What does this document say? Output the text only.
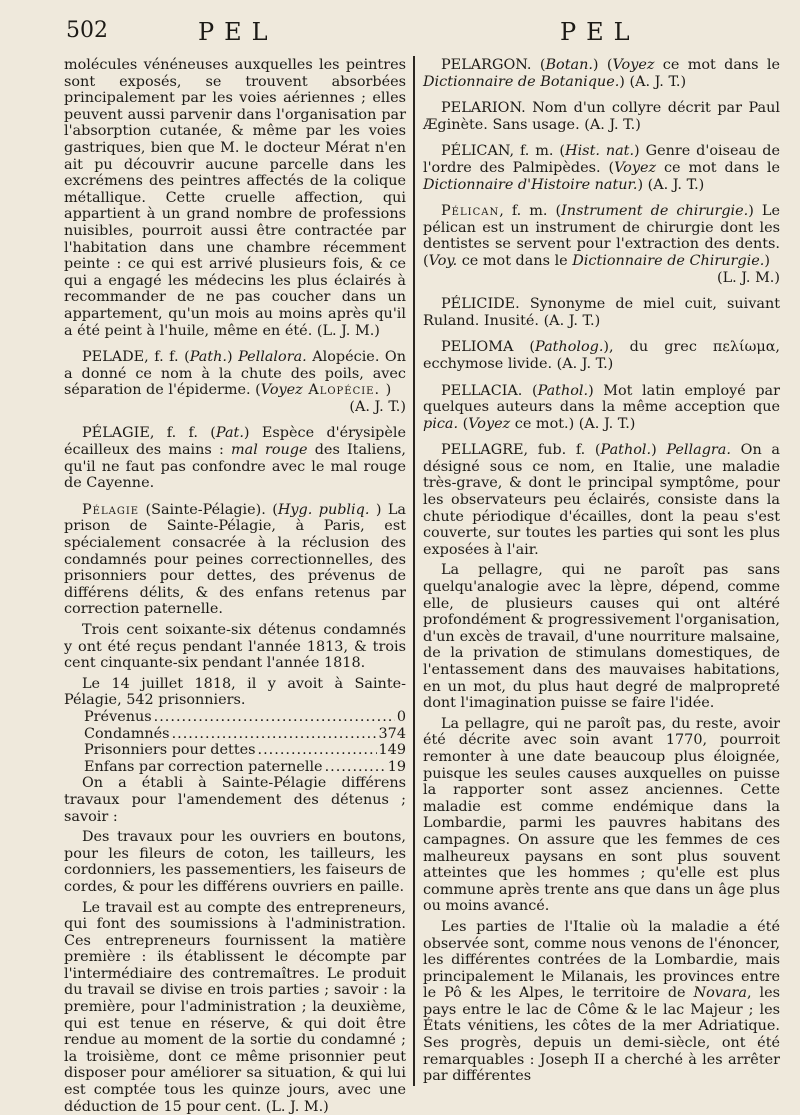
502	PEL	PEL

molécules vénéneuses auxquelles les peintres sont exposés, se trouvent absorbées principalement par les voies aériennes ; elles peuvent aussi parvenir dans l'organisation par l'absorption cutanée, & même par les voies gastriques, bien que M. le docteur Mérat n'en ait pu découvrir aucune parcelle dans les excrémens des peintres affectés de la colique métallique. Cette cruelle affection, qui appartient à un grand nombre de professions nuisibles, pourroit aussi être contractée par l'habitation dans une chambre récemment peinte : ce qui est arrivé plusieurs fois, & ce qui a engagé les médecins les plus éclairés à recommander de ne pas coucher dans un appartement, qu'un mois au moins après qu'il a été peint à l'huile, même en été. (L. J. M.)

PELADE, f. f. (Path.) Pellalora. Alopécie. On a donné ce nom à la chute des poils, avec séparation de l'épiderme. (Voyez Alopécie. )

(A. J. T.)

PÉLAGIE, f. f. (Pat.) Espèce d'érysipèle écailleux des mains : mal rouge des Italiens, qu'il ne faut pas confondre avec le mal rouge de Cayenne.

Pélagie (Sainte-Pélagie). (Hyg. publiq. ) La prison de Sainte-Pélagie, à Paris, est spécialement consacrée à la réclusion des condamnés pour peines correctionnelles, des prisonniers pour dettes, des prévenus de différens délits, & des enfans retenus par correction paternelle.

Trois cent soixante-six détenus condamnés y ont été reçus pendant l'année 1813, & trois cent cinquante-six pendant l'année 1818.

Le 14 juillet 1818, il y avoit à Sainte-Pélagie, 542 prisonniers.

Prévenus .....	0
Condamnés .....	374
Prisonniers pour dettes .....	149
Enfans par correction paternelle .....	19

On a établi à Sainte-Pélagie différens travaux pour l'amendement des détenus ; savoir :

Des travaux pour les ouvriers en boutons, pour les fileurs de coton, les tailleurs, les cordonniers, les passementiers, les faiseurs de cordes, & pour les différens ouvriers en paille.

Le travail est au compte des entrepreneurs, qui font des soumissions à l'administration. Ces entrepreneurs fournissent la matière première : ils établissent le décompte par l'intermédiaire des contremaîtres. Le produit du travail se divise en trois parties ; savoir : la première, pour l'administration ; la deuxième, qui est tenue en réserve, & qui doit être rendue au moment de la sortie du condamné ; la troisième, dont ce même prisonnier peut disposer pour améliorer sa situation, & qui lui est comptée tous les quinze jours, avec une déduction de 15 pour cent. (L. J. M.)

PELARGON. (Botan.) (Voyez ce mot dans le Dictionnaire de Botanique.) (A. J. T.)

PELARION. Nom d'un collyre décrit par Paul Æginète. Sans usage. (A. J. T.)

PÉLICAN, f. m. (Hist. nat.) Genre d'oiseau de l'ordre des Palmipèdes. (Voyez ce mot dans le Dictionnaire d'Histoire natur.) (A. J. T.)

Pélican, f. m. (Instrument de chirurgie.) Le pélican est un instrument de chirurgie dont les dentistes se servent pour l'extraction des dents. (Voy. ce mot dans le Dictionnaire de Chirurgie.)

(L. J. M.)

PÉLICIDE. Synonyme de miel cuit, suivant Ruland. Inusité. (A. J. T.)

PELIOMA (Patholog.), du grec πελίωμα, ecchymose livide. (A. J. T.)

PELLACIA. (Pathol.) Mot latin employé par quelques auteurs dans la même acception que pica. (Voyez ce mot.) (A. J. T.)

PELLAGRE, fub. f. (Pathol.) Pellagra. On a désigné sous ce nom, en Italie, une maladie très-grave, & dont le principal symptôme, pour les observateurs peu éclairés, consiste dans la chute périodique d'écailles, dont la peau s'est couverte, sur toutes les parties qui sont les plus exposées à l'air.

La pellagre, qui ne paroît pas sans quelqu'analogie avec la lèpre, dépend, comme elle, de plusieurs causes qui ont altéré profondément & progressivement l'organisation, d'un excès de travail, d'une nourriture malsaine, de la privation de stimulans domestiques, de l'entassement dans des mauvaises habitations, en un mot, du plus haut degré de malpropreté dont l'imagination puisse se faire l'idée.

La pellagre, qui ne paroît pas, du reste, avoir été décrite avec soin avant 1770, pourroit remonter à une date beaucoup plus éloignée, puisque les seules causes auxquelles on puisse la rapporter sont assez anciennes. Cette maladie est comme endémique dans la Lombardie, parmi les pauvres habitans des campagnes. On assure que les femmes de ces malheureux paysans en sont plus souvent atteintes que les hommes ; qu'elle est plus commune après trente ans que dans un âge plus ou moins avancé.

Les parties de l'Italie où la maladie a été observée sont, comme nous venons de l'énoncer, les différentes contrées de la Lombardie, mais principalement le Milanais, les provinces entre le Pô & les Alpes, le territoire de Novara, les pays entre le lac de Côme & le lac Majeur ; les États vénitiens, les côtes de la mer Adriatique. Ses progrès, depuis un demi-siècle, ont été remarquables : Joseph II a cherché à les arrêter par différentes
